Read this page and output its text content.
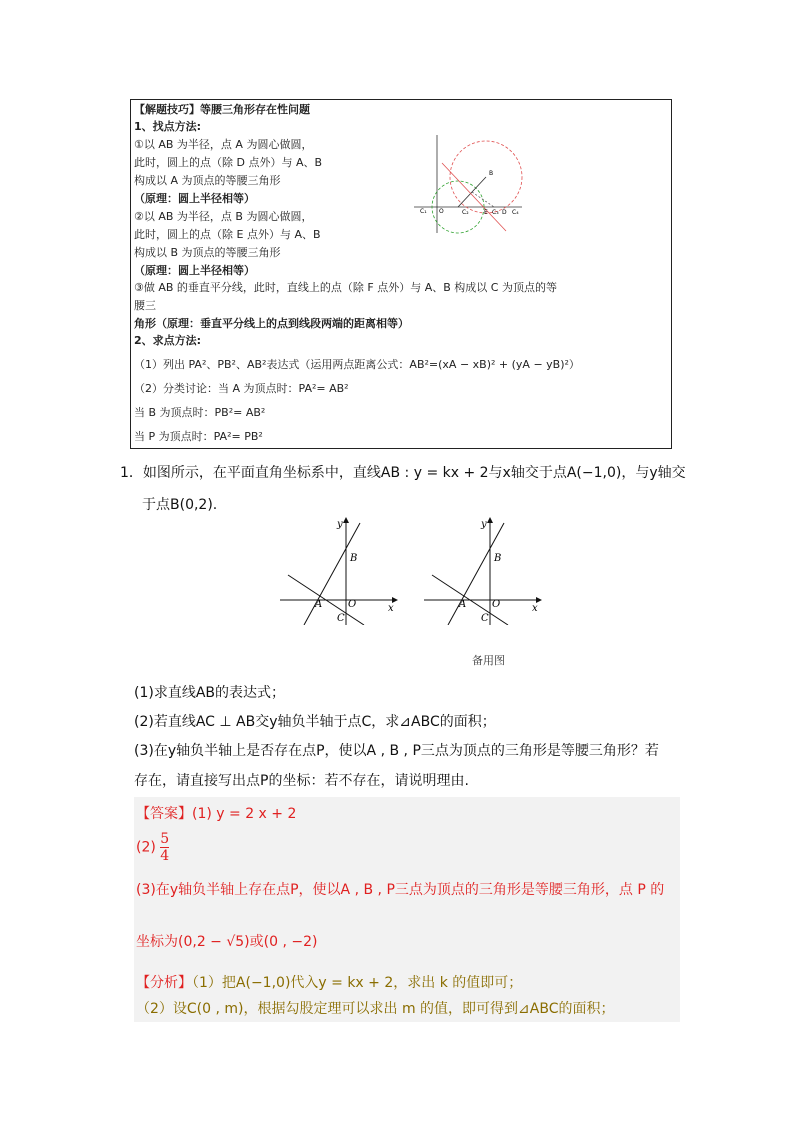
【解题技巧】等腰三角形存在性问题
1、找点方法:
①以 AB 为半径，点 A 为圆心做圆，
此时，圆上的点（除 D 点外）与 A、B
构成以 A 为顶点的等腰三角形
（原理：圆上半径相等）
②以 AB 为半径，点 B 为圆心做圆，
此时，圆上的点（除 E 点外）与 A、B
构成以 B 为顶点的等腰三角形
（原理：圆上半径相等）
③做 AB 的垂直平分线，此时，直线上的点（除 F 点外）与 A、B 构成以 C 为顶点的等
腰三
角形（原理：垂直平分线上的点到线段两端的距离相等）
2、求点方法:
（1）列出 PA²、PB²、AB²表达式（运用两点距离公式：AB²=(xA − xB)² + (yA − yB)²）
（2）分类讨论：当 A 为顶点时：PA²= AB²
当 B 为顶点时：PB²= AB²
当 P 为顶点时：PA²= PB²
B
C₁ O	C₂	E C₃ D C₄
1．如图所示，在平面直角坐标系中，直线AB : y = kx + 2与x轴交于点A(−1,0)，与y轴交
于点B(0,2).
x
y
B
A	O
C
x
y
B
A	O
C
备用图
(1)求直线AB的表达式；
(2)若直线AC ⊥ AB交y轴负半轴于点C，求⊿ABC的面积；
(3)在y轴负半轴上是否存在点P，使以A , B , P三点为顶点的三角形是等腰三角形？若
存在，请直接写出点P的坐标：若不存在，请说明理由.
【答案】(1) y = 2 x + 2
$(2) \frac{5}{4}$
(3)在y轴负半轴上存在点P，使以A , B , P三点为顶点的三角形是等腰三角形，点 P 的
坐标为(0,2 − √5)或(0 , −2)
【分析】（1）把A(−1,0)代入y = kx + 2，求出 k 的值即可；
（2）设C(0 , m)，根据勾股定理可以求出 m 的值，即可得到⊿ABC的面积；
